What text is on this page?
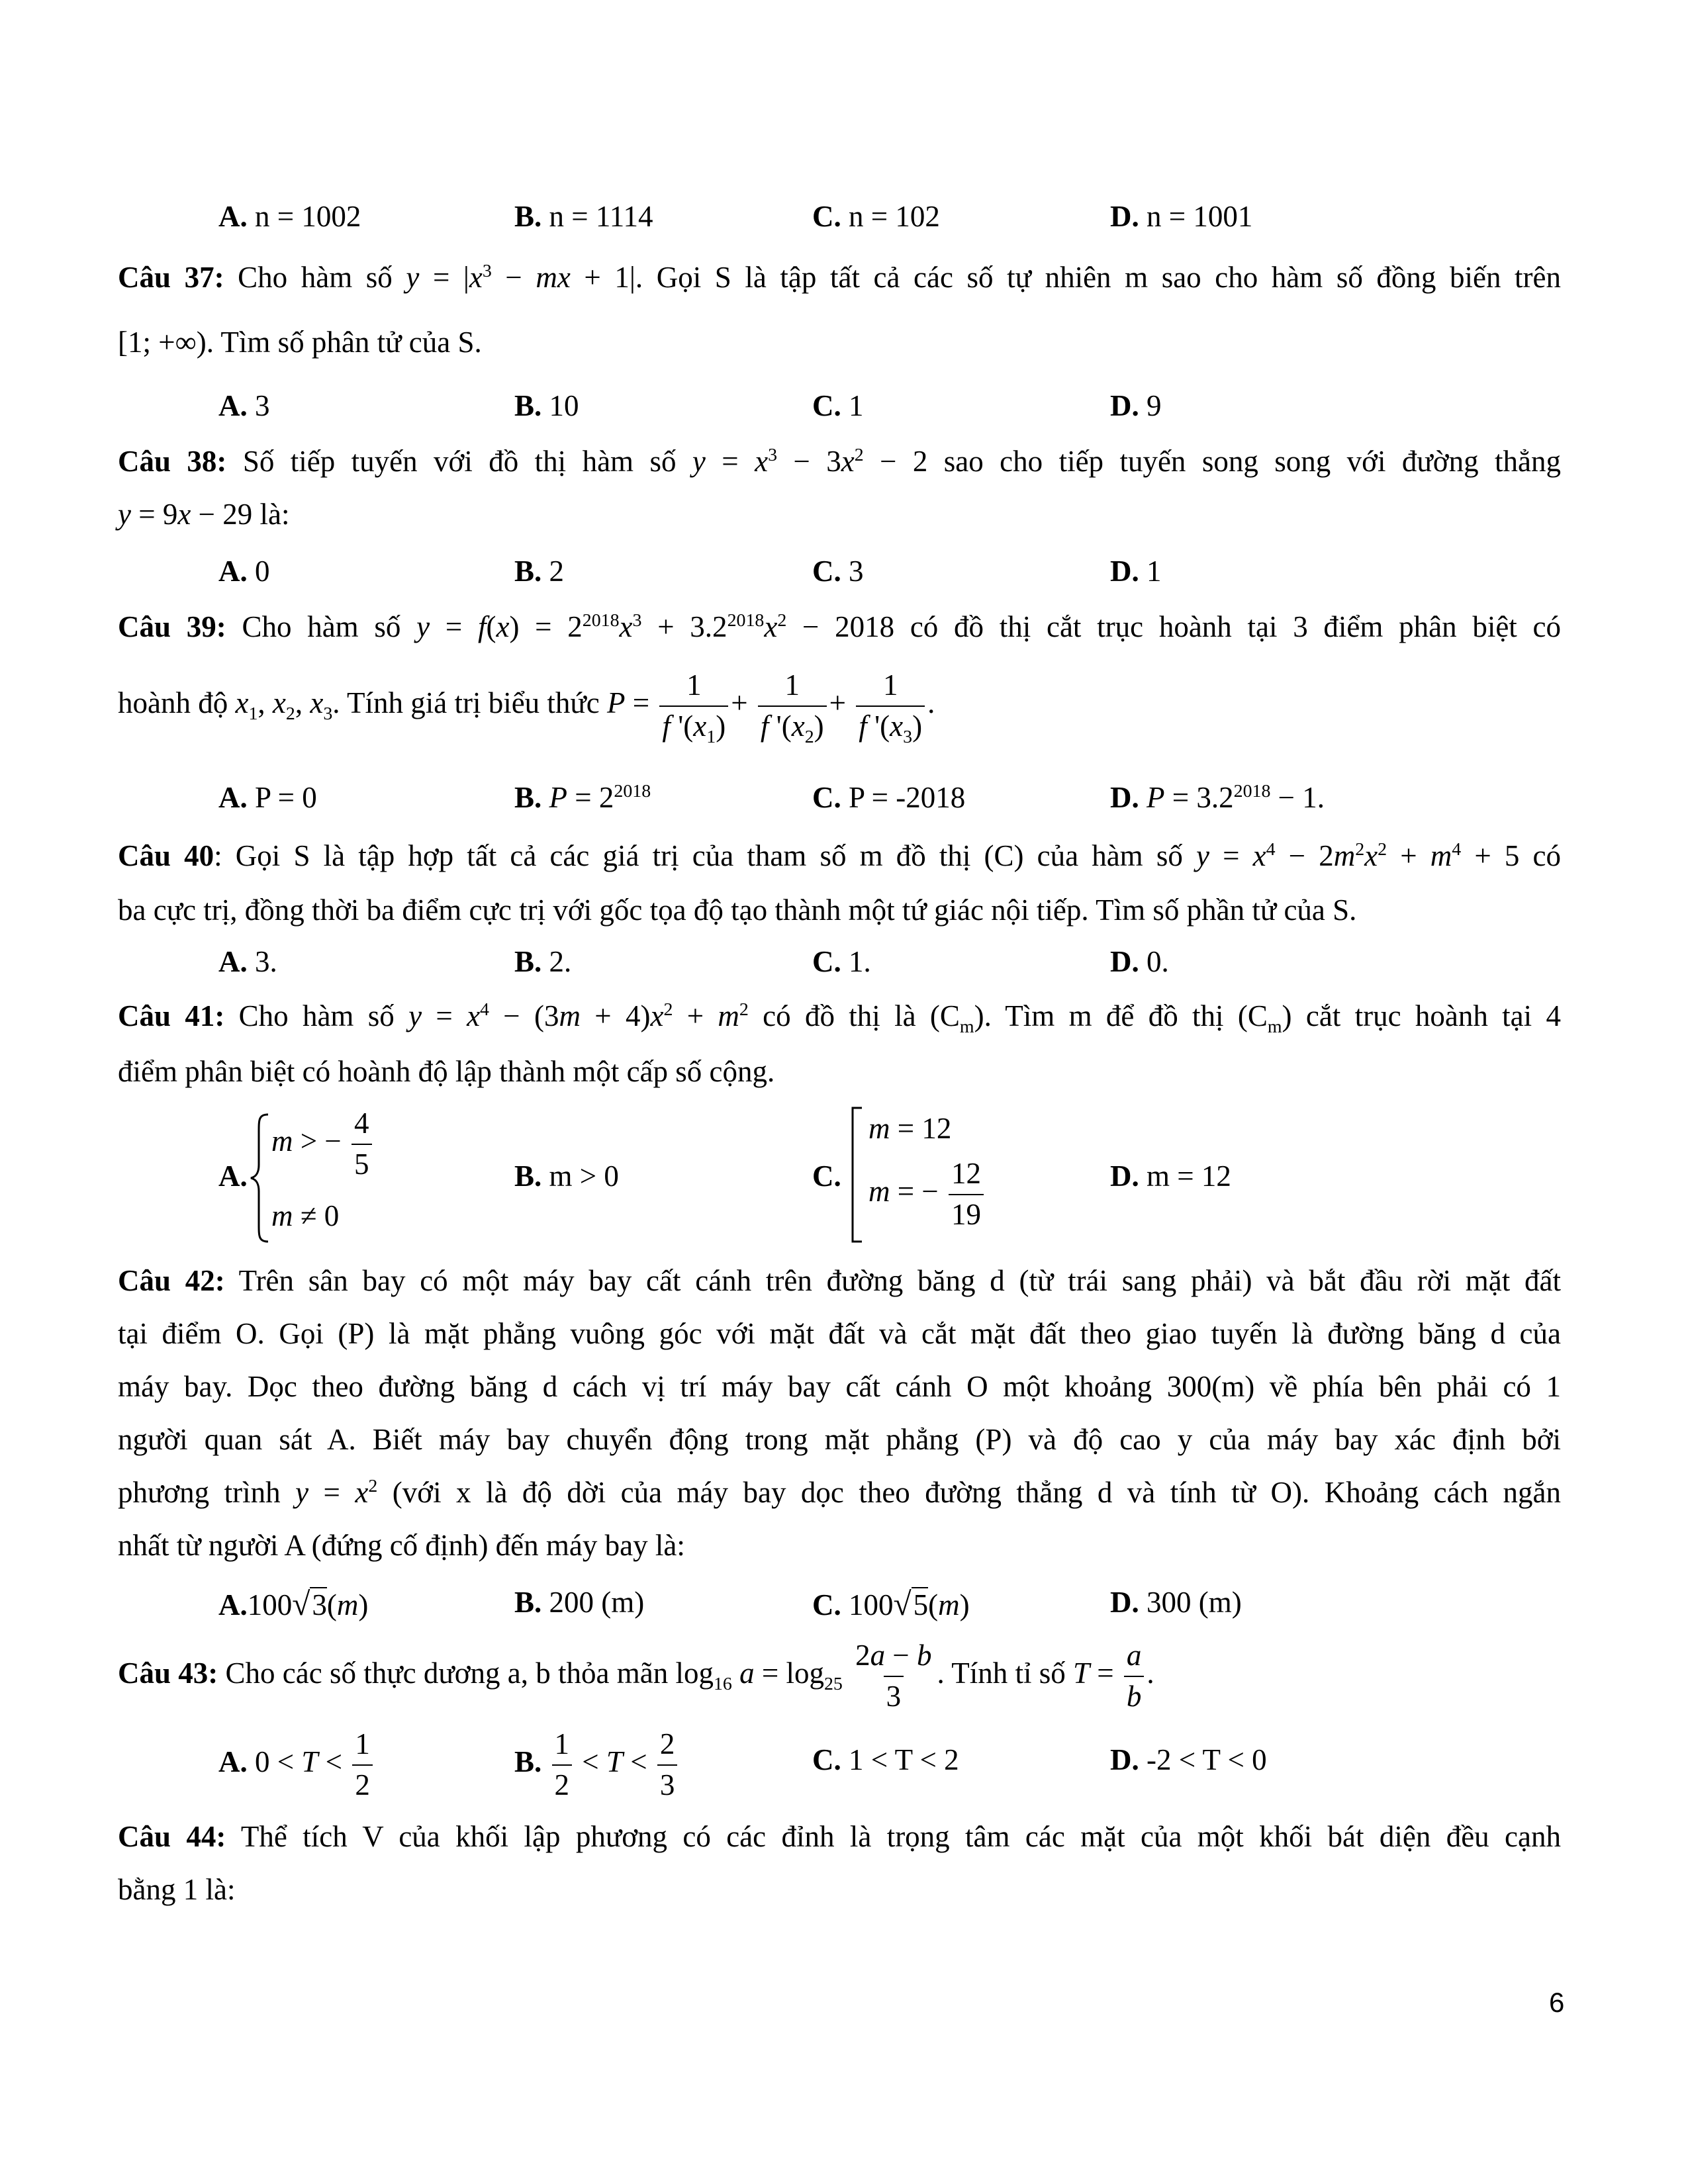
A. n = 1002	B. n = 1114	C. n = 102	D. n = 1001
Câu 37: Cho hàm số $y = |x^3$ − mx + 1|. Gọi S là tập tất cả các số tự nhiên m sao cho hàm số đồng biến trên
[1; +∞). Tìm số phân tử của S.
A. 3	B. 10	C. 1	D. 9
Câu 38: Số tiếp tuyến với đồ thị hàm số $y = x^3 - 3x^2 - 2$ sao cho tiếp tuyến song song với đường thẳng
y = 9x − 29 là:
A. 0	B. 2	C. 3	D. 1
Câu 39: Cho hàm số $y = f(x) = 2^{2018}x^3 + 3.2^{2018}x^2 - 2018$ có đồ thị cắt trục hoành tại 3 điểm phân biệt có
hoành độ $x_1$, $x_2$, $x_3$. Tính giá trị biểu thức $P = \frac{1}{f '(x_1)} + \frac{1}{f '(x_2)} + \frac{1}{f '(x_3)}$ .
A. P = 0	B. $P = 2^{2018}$	C. P = -2018	D. $P = 3.2^{2018} - 1$.
Câu 40: Gọi S là tập hợp tất cả các giá trị của tham số m đồ thị (C) của hàm số $y = x^4 - 2m^2x^2 + m^4 + 5$ có
ba cực trị, đồng thời ba điểm cực trị với gốc tọa độ tạo thành một tứ giác nội tiếp. Tìm số phần tử của S.
A. 3.	B. 2.	C. 1.	D. 0.
Câu 41: Cho hàm số $y = x^4 - (3m + 4)x^2 + m^2$ có đồ thị là $(C_m)$. Tìm m để đồ thị $(C_m)$ cắt trục hoành tại 4
điểm phân biệt có hoành độ lập thành một cấp số cộng.
A.
m > − $\frac{4}{5}$
m ≠ 0
B. m > 0	C.
m = 12
m = − $\frac{12}{19}$	D. m = 12
Câu 42: Trên sân bay có một máy bay cất cánh trên đường băng d (từ trái sang phải) và bắt đầu rời mặt đất
tại điểm O. Gọi (P) là mặt phẳng vuông góc với mặt đất và cắt mặt đất theo giao tuyến là đường băng d của
máy bay. Dọc theo đường băng d cách vị trí máy bay cất cánh O một khoảng 300(m) về phía bên phải có 1
người quan sát A. Biết máy bay chuyển động trong mặt phẳng (P) và độ cao y của máy bay xác định bởi
phương trình $y = x^2$ (với x là độ dời của máy bay dọc theo đường thẳng d và tính từ O). Khoảng cách ngắn
nhất từ người A (đứng cố định) đến máy bay là:
A.100√3(m)	B. 200 (m)	C. 100√5(m)	D. 300 (m)
Câu 43: Cho các số thực dương a, b thỏa mãn $\log_{16} a = \log_{25} \frac{2a - b}{3}$ . Tính tỉ số $T = \frac{a}{b}$ .
A. $0 < T < \frac{1}{2}$	B. $\frac{1}{2} < T < \frac{2}{3}$	C. 1 < T < 2	D. -2 < T < 0
Câu 44: Thể tích V của khối lập phương có các đỉnh là trọng tâm các mặt của một khối bát diện đều cạnh
bằng 1 là:
6
